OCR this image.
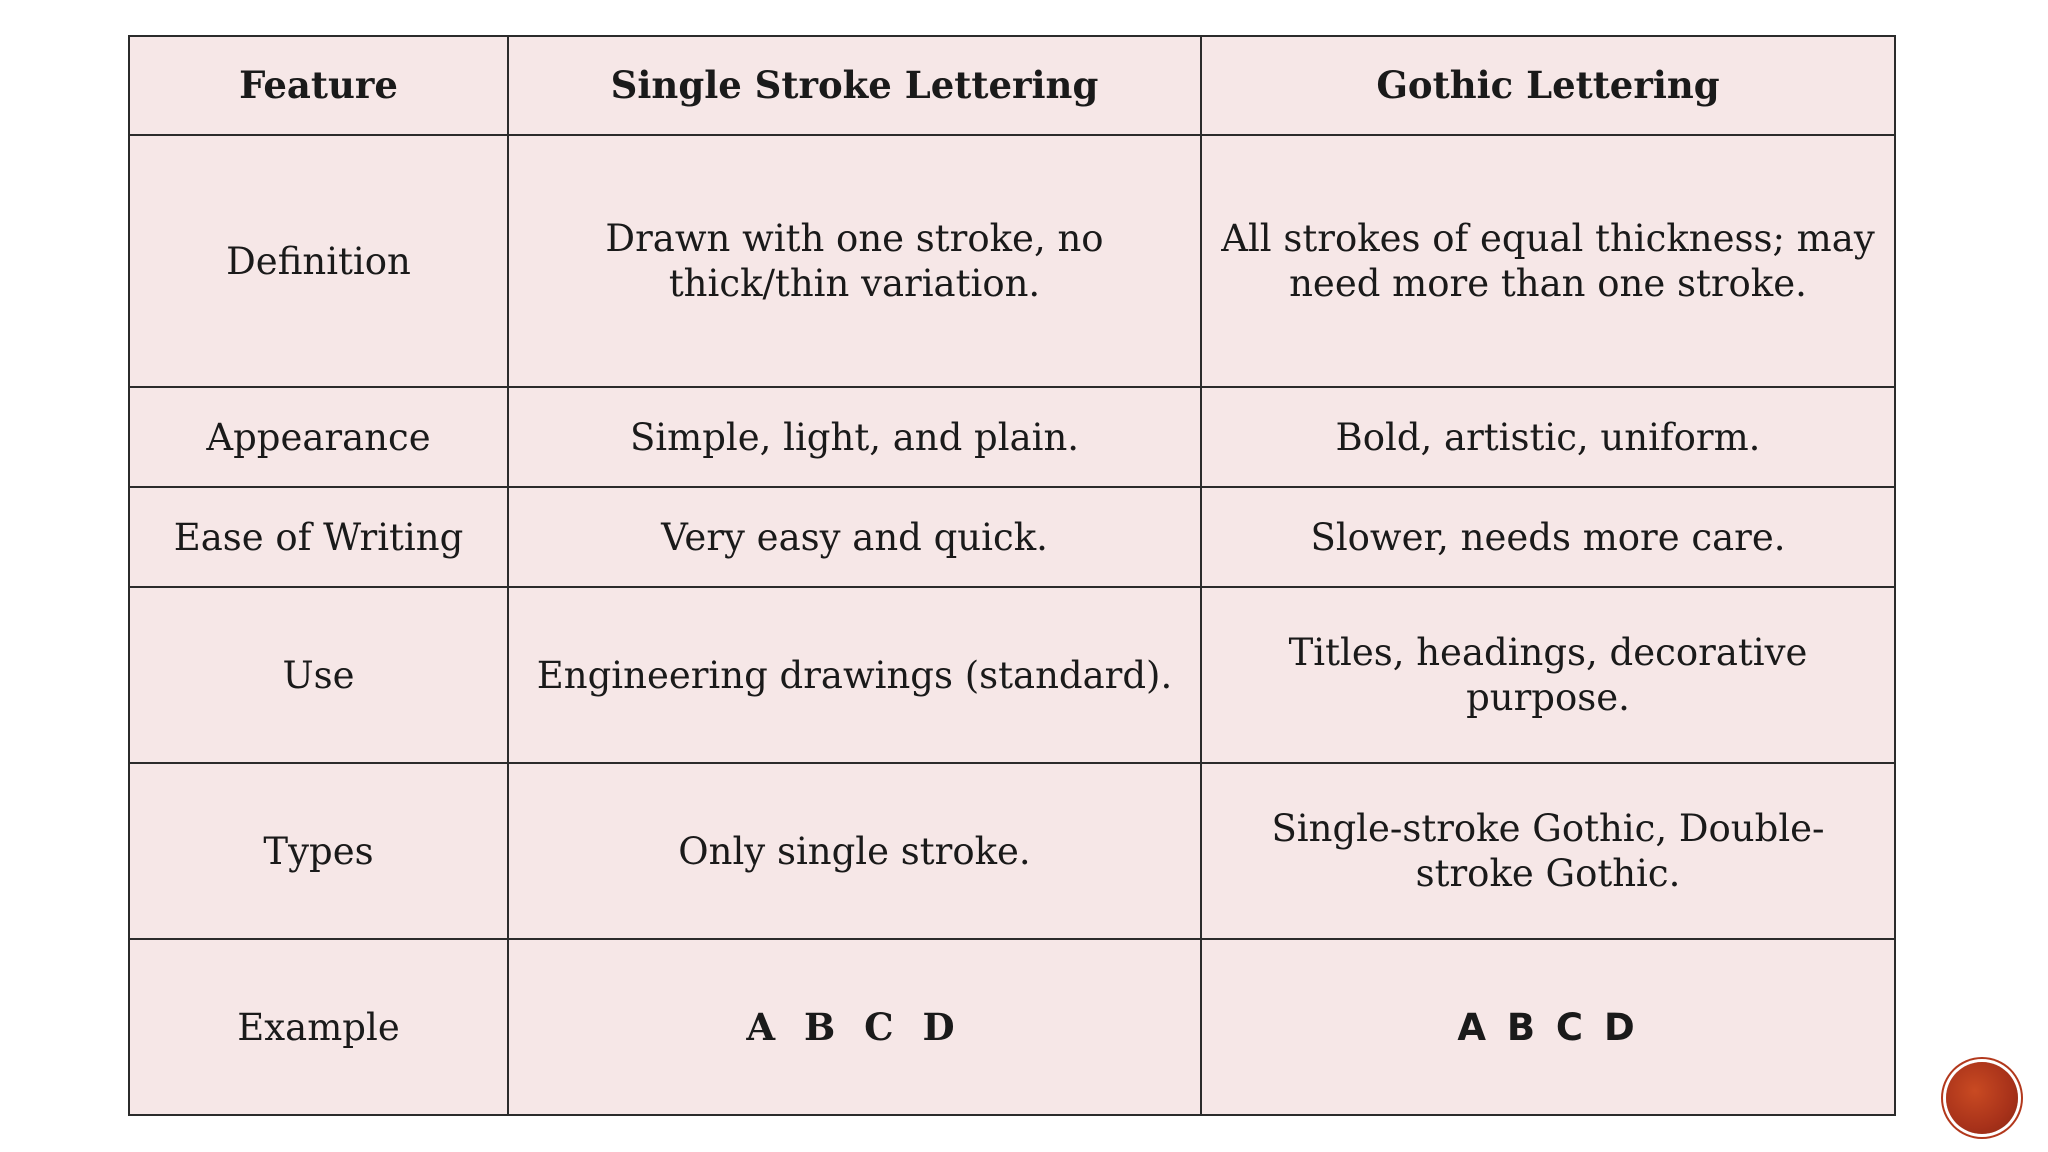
Feature	Single Stroke Lettering	Gothic Lettering
Definition	Drawn with one stroke, no thick/thin variation.	All strokes of equal thickness; may need more than one stroke.
Appearance	Simple, light, and plain.	Bold, artistic, uniform.
Ease of Writing	Very easy and quick.	Slower, needs more care.
Use	Engineering drawings (standard).	Titles, headings, decorative purpose.
Types	Only single stroke.	Single-stroke Gothic, Double-stroke Gothic.
Example	A B C D	A B C D
